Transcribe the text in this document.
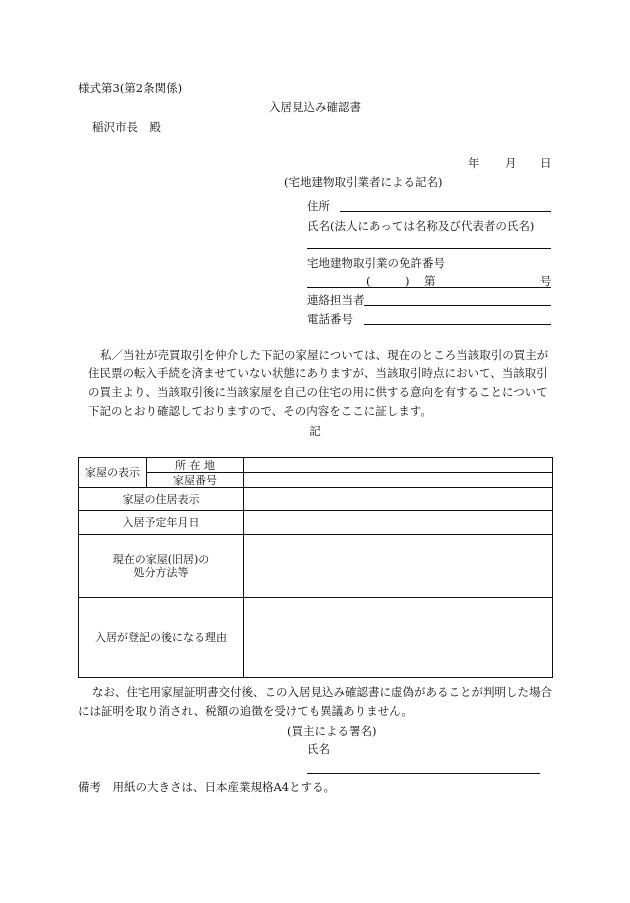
様式第3(第2条関係)
入居見込み確認書
稲沢市長　殿
年 月 日
(宅地建物取引業者による記名)
住所
氏名(法人にあっては名称及び代表者の氏名)
宅地建物取引業の免許番号
(　　　) 第	号
連絡担当者
電話番号
私／当社が売買取引を仲介した下記の家屋については、現在のところ当該取引の買主が
住民票の転入手続を済ませていない状態にありますが、当該取引時点において、当該取引
の買主より、当該取引後に当該家屋を自己の住宅の用に供する意向を有することについて
下記のとおり確認しておりますので、その内容をここに証します。
記
家屋の表示	所 在 地	
	家屋番号	
家屋の住居表示		
入居予定年月日		

現在の家屋(旧居)の
処分方法等		

入居が登記の後になる理由		
なお、住宅用家屋証明書交付後、この入居見込み確認書に虚偽があることが判明した場合
には証明を取り消され、税額の追徴を受けても異議ありません。
(買主による署名)
氏名
備考　用紙の大きさは、日本産業規格A4とする。
